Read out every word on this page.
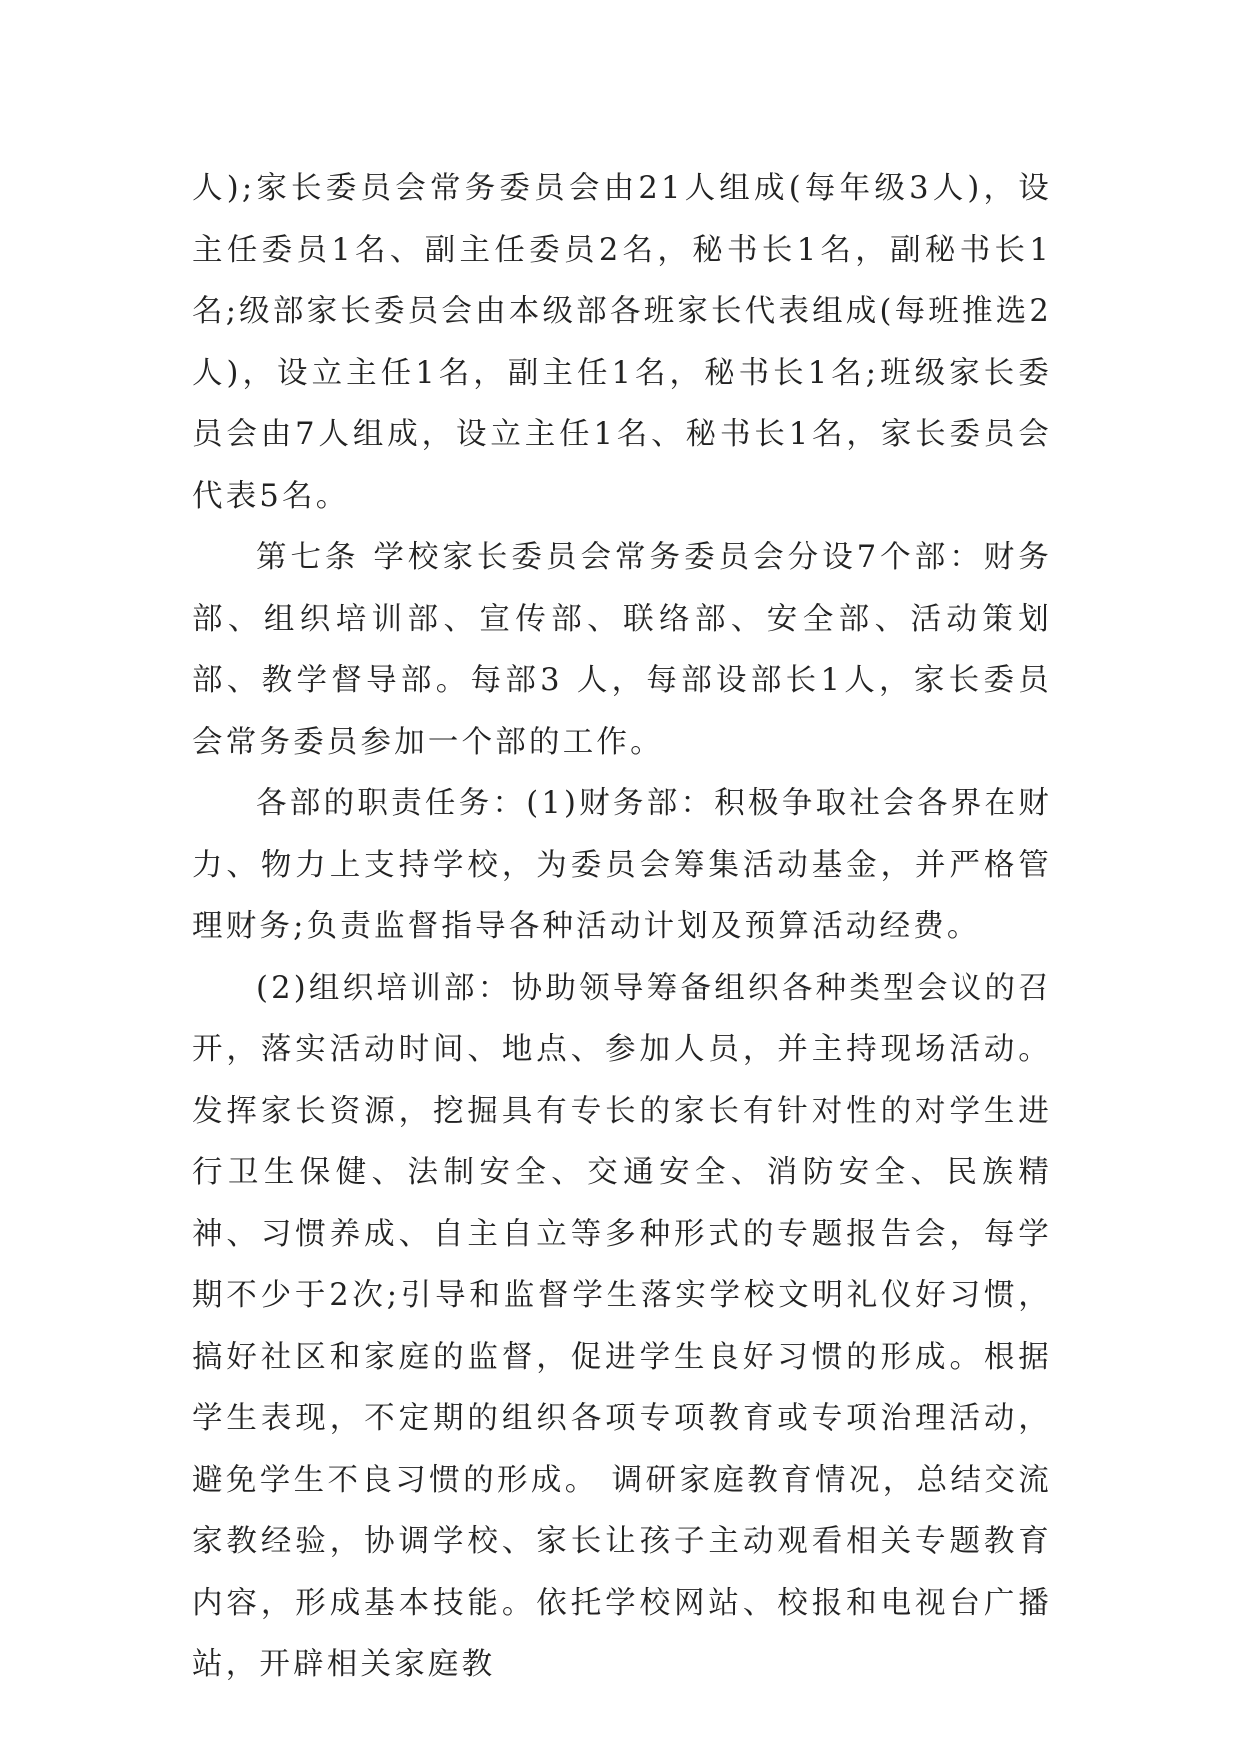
人);家长委员会常务委员会由21人组成(每年级3人)，设主任委员1名、副主任委员2名，秘书长1名，副秘书长1名;级部家长委员会由本级部各班家长代表组成(每班推选2人)，设立主任1名，副主任1名，秘书长1名;班级家长委员会由7人组成，设立主任1名、秘书长1名，家长委员会代表5名。

第七条 学校家长委员会常务委员会分设7个部：财务部、组织培训部、宣传部、联络部、安全部、活动策划部、教学督导部。每部3 人，每部设部长1人，家长委员会常务委员参加一个部的工作。

各部的职责任务：(1)财务部：积极争取社会各界在财力、物力上支持学校，为委员会筹集活动基金，并严格管理财务;负责监督指导各种活动计划及预算活动经费。

(2)组织培训部：协助领导筹备组织各种类型会议的召开，落实活动时间、地点、参加人员，并主持现场活动。发挥家长资源，挖掘具有专长的家长有针对性的对学生进行卫生保健、法制安全、交通安全、消防安全、民族精神、习惯养成、自主自立等多种形式的专题报告会，每学期不少于2次;引导和监督学生落实学校文明礼仪好习惯，搞好社区和家庭的监督，促进学生良好习惯的形成。根据学生表现，不定期的组织各项专项教育或专项治理活动，避免学生不良习惯的形成。 调研家庭教育情况，总结交流家教经验，协调学校、家长让孩子主动观看相关专题教育内容，形成基本技能。依托学校网站、校报和电视台广播站，开辟相关家庭教
